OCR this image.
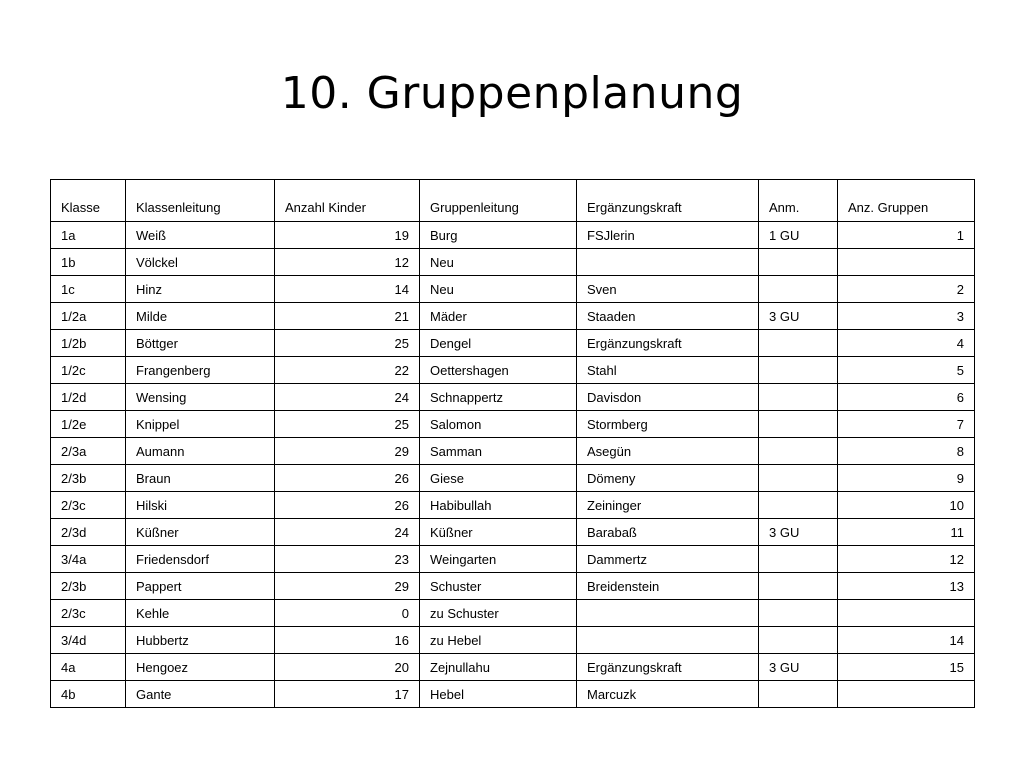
10. Gruppenplanung
Klasse	Klassenleitung	Anzahl Kinder	Gruppenleitung	Ergänzungskraft	Anm.	Anz. Gruppen
1a	Weiß	19	Burg	FSJlerin	1 GU	1
1b	Völckel	12	Neu			
1c	Hinz	14	Neu	Sven		2
1/2a	Milde	21	Mäder	Staaden	3 GU	3
1/2b	Böttger	25	Dengel	Ergänzungskraft		4
1/2c	Frangenberg	22	Oettershagen	Stahl		5
1/2d	Wensing	24	Schnappertz	Davisdon		6
1/2e	Knippel	25	Salomon	Stormberg		7
2/3a	Aumann	29	Samman	Asegün		8
2/3b	Braun	26	Giese	Dömeny		9
2/3c	Hilski	26	Habibullah	Zeininger		10
2/3d	Küßner	24	Küßner	Barabaß	3 GU	11
3/4a	Friedensdorf	23	Weingarten	Dammertz		12
2/3b	Pappert	29	Schuster	Breidenstein		13
2/3c	Kehle	0	zu Schuster			
3/4d	Hubbertz	16	zu Hebel			14
4a	Hengoez	20	Zejnullahu	Ergänzungskraft	3 GU	15
4b	Gante	17	Hebel	Marcuzk		
